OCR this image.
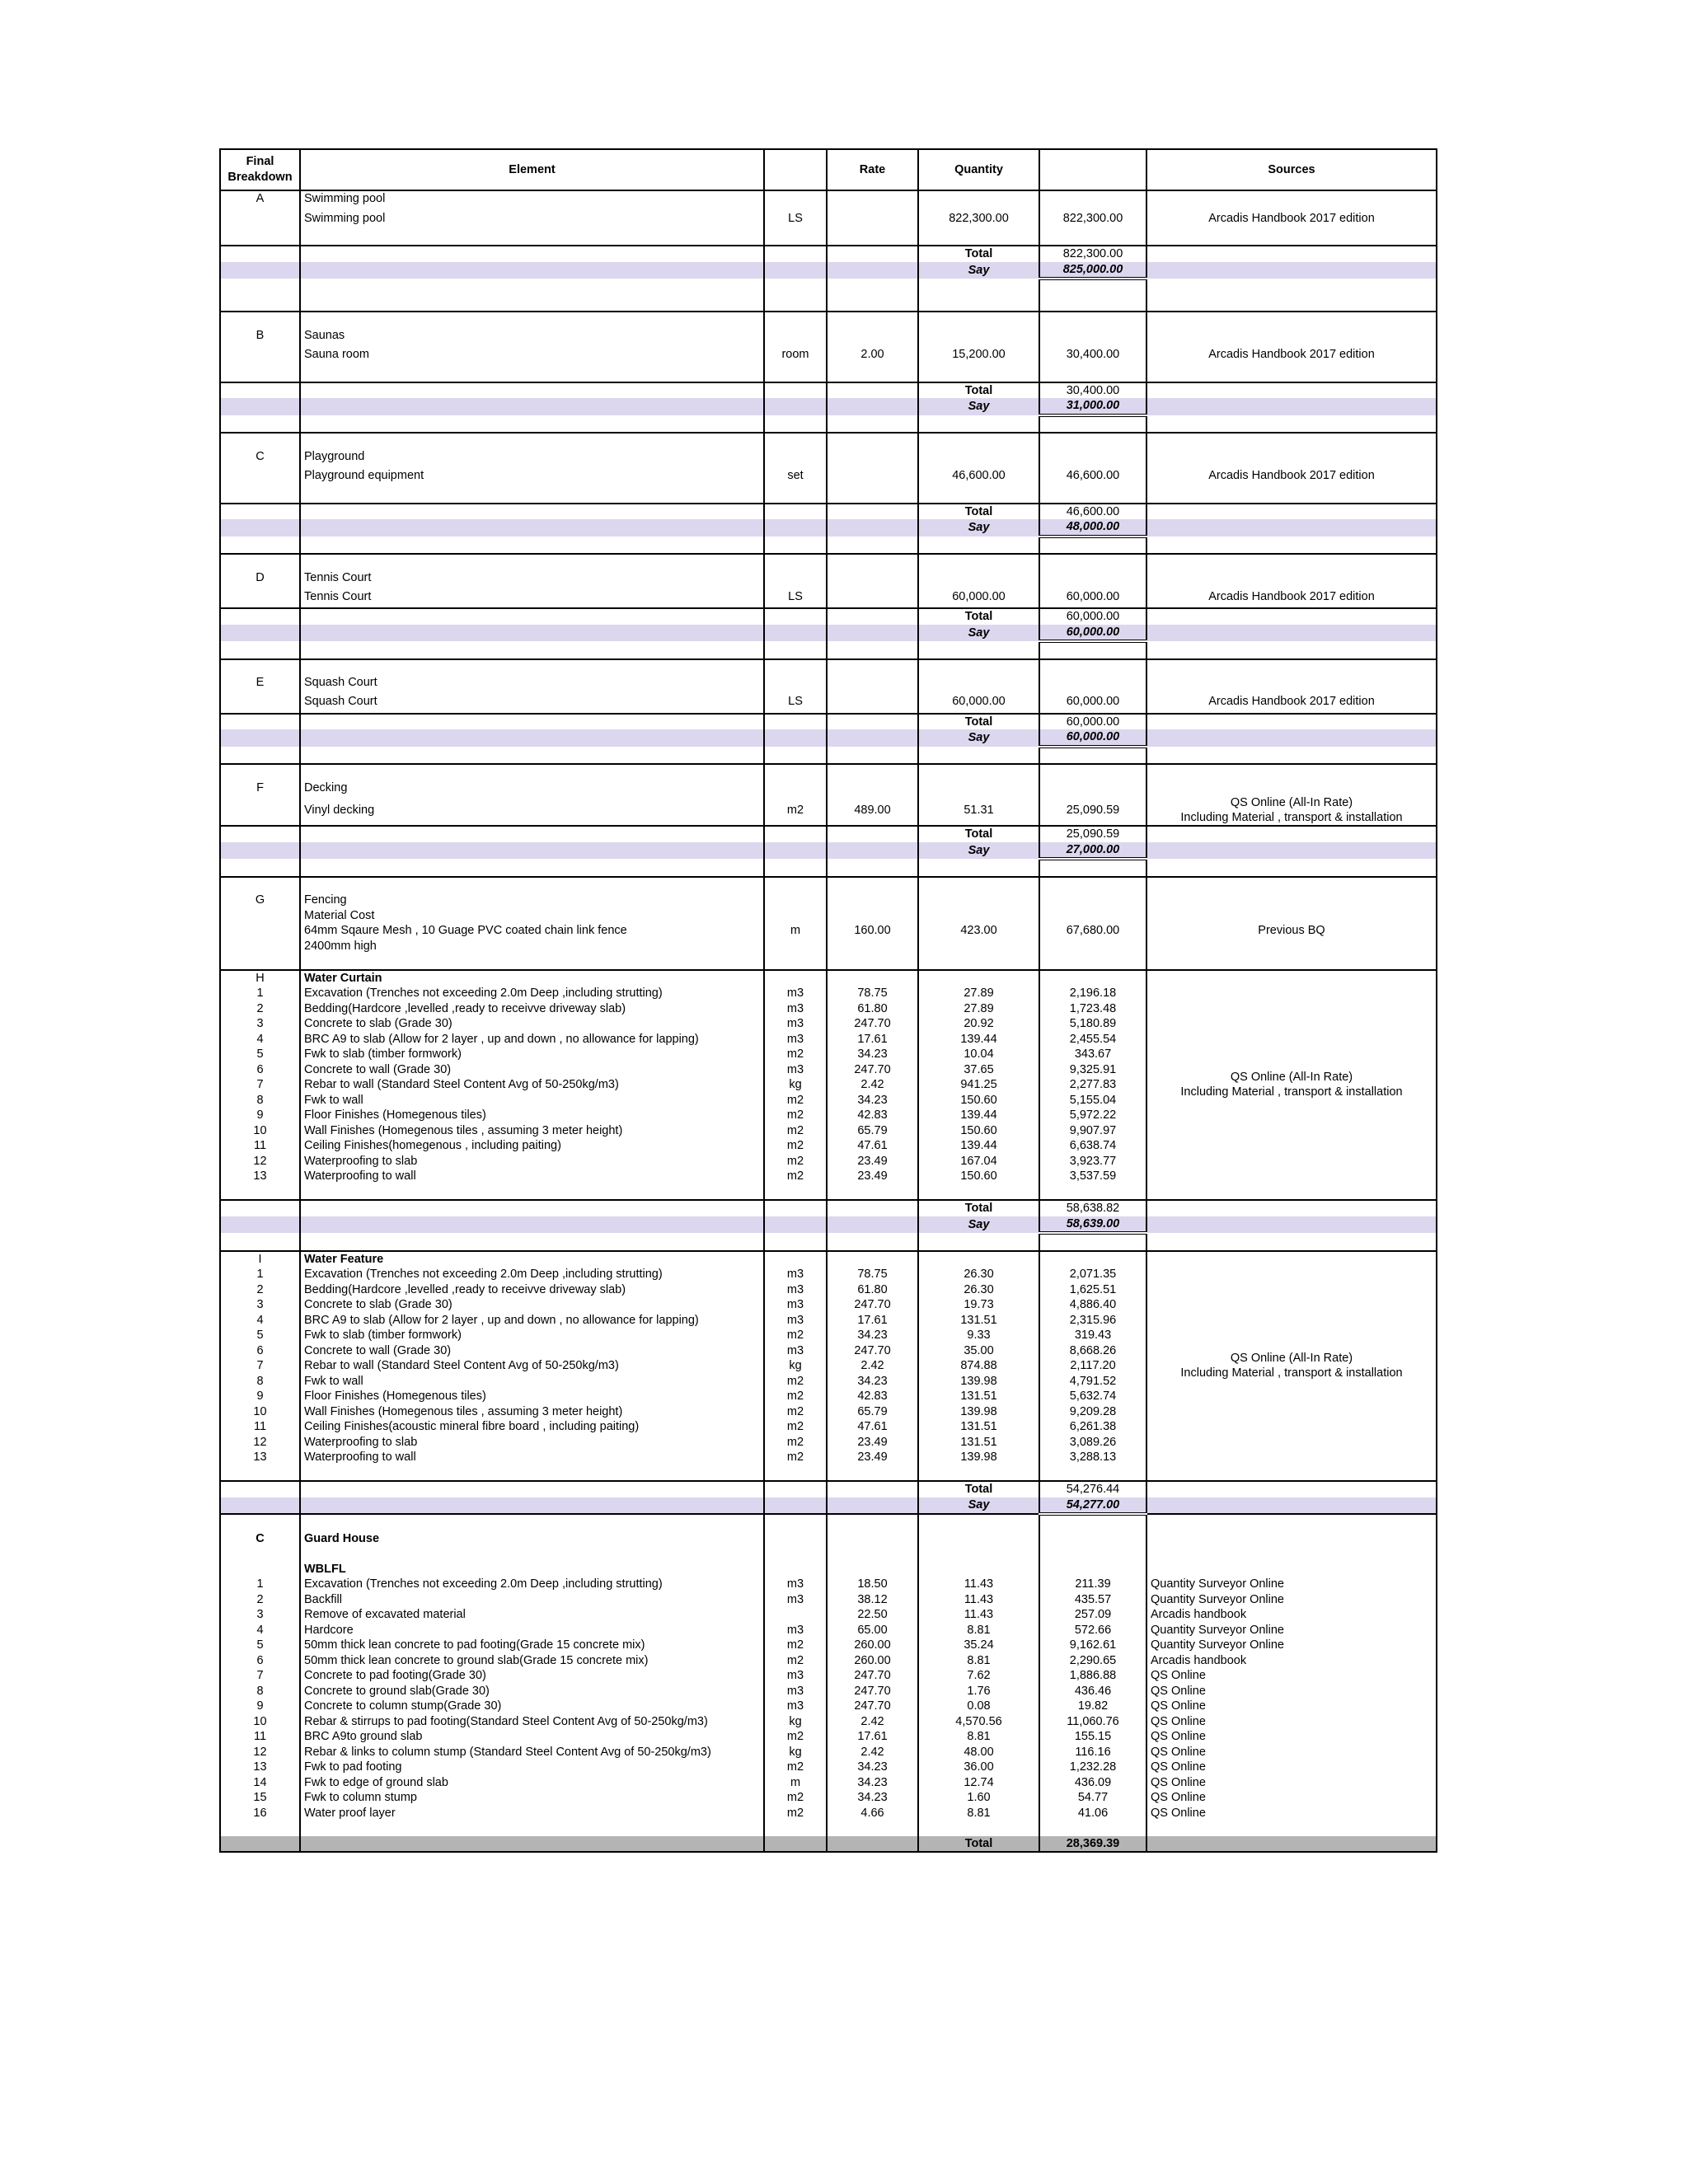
Final Breakdown	Element		Rate	Quantity		Sources
A	Swimming pool					
	Swimming pool	LS		822,300.00	822,300.00	Arcadis Handbook 2017 edition

				Total	822,300.00	
				Say	825,000.00	

B	Saunas					
	Sauna room	room	2.00	15,200.00	30,400.00	Arcadis Handbook 2017 edition

				Total	30,400.00	
				Say	31,000.00	

C	Playground					
	Playground equipment	set		46,600.00	46,600.00	Arcadis Handbook 2017 edition

				Total	46,600.00	
				Say	48,000.00	

D	Tennis Court					
	Tennis Court	LS		60,000.00	60,000.00	Arcadis Handbook 2017 edition
				Total	60,000.00	
				Say	60,000.00	

E	Squash Court					
	Squash Court	LS		60,000.00	60,000.00	Arcadis Handbook 2017 edition
				Total	60,000.00	
				Say	60,000.00	

F	Decking					
	Vinyl decking	m2	489.00	51.31	25,090.59	QS Online (All-In Rate)
Including Material , transport & installation

				Total	25,090.59	
				Say	27,000.00	

G	Fencing					
	Material Cost					
	64mm Sqaure Mesh , 10 Guage PVC coated chain link fence	m	160.00	423.00	67,680.00	Previous BQ
	2400mm high					

H	Water Curtain					
1	Excavation (Trenches not exceeding 2.0m Deep ,including strutting)	m3	78.75	27.89	2,196.18	
2	Bedding(Hardcore ,levelled ,ready to receivve driveway slab)	m3	61.80	27.89	1,723.48	
3	Concrete to slab (Grade 30)	m3	247.70	20.92	5,180.89	
4	BRC A9 to slab (Allow for 2 layer , up and down , no allowance for lapping)	m3	17.61	139.44	2,455.54	
5	Fwk to slab (timber formwork)	m2	34.23	10.04	343.67	
6	Concrete to wall (Grade 30)	m3	247.70	37.65	9,325.91	
7	Rebar to wall (Standard Steel Content Avg of 50-250kg/m3)	kg	2.42	941.25	2,277.83	QS Online (All-In Rate)
Including Material , transport & installation

8	Fwk to wall	m2	34.23	150.60	5,155.04	
9	Floor Finishes (Homegenous tiles)	m2	42.83	139.44	5,972.22	
10	Wall Finishes (Homegenous tiles , assuming 3 meter height)	m2	65.79	150.60	9,907.97	
11	Ceiling Finishes(homegenous , including paiting)	m2	47.61	139.44	6,638.74	
12	Waterproofing to slab	m2	23.49	167.04	3,923.77	
13	Waterproofing to wall	m2	23.49	150.60	3,537.59	

				Total	58,638.82	
				Say	58,639.00	

I	Water Feature					
1	Excavation (Trenches not exceeding 2.0m Deep ,including strutting)	m3	78.75	26.30	2,071.35	
2	Bedding(Hardcore ,levelled ,ready to receivve driveway slab)	m3	61.80	26.30	1,625.51	
3	Concrete to slab (Grade 30)	m3	247.70	19.73	4,886.40	
4	BRC A9 to slab (Allow for 2 layer , up and down , no allowance for lapping)	m3	17.61	131.51	2,315.96	
5	Fwk to slab (timber formwork)	m2	34.23	9.33	319.43	
6	Concrete to wall (Grade 30)	m3	247.70	35.00	8,668.26	
7	Rebar to wall (Standard Steel Content Avg of 50-250kg/m3)	kg	2.42	874.88	2,117.20	QS Online (All-In Rate)
Including Material , transport & installation

8	Fwk to wall	m2	34.23	139.98	4,791.52	
9	Floor Finishes (Homegenous tiles)	m2	42.83	131.51	5,632.74	
10	Wall Finishes (Homegenous tiles , assuming 3 meter height)	m2	65.79	139.98	9,209.28	
11	Ceiling Finishes(acoustic mineral fibre board , including paiting)	m2	47.61	131.51	6,261.38	
12	Waterproofing to slab	m2	23.49	131.51	3,089.26	
13	Waterproofing to wall	m2	23.49	139.98	3,288.13	

				Total	54,276.44	
				Say	54,277.00	

C	Guard House					

	WBLFL					
1	Excavation (Trenches not exceeding 2.0m Deep ,including strutting)	m3	18.50	11.43	211.39	Quantity Surveyor Online
2	Backfill	m3	38.12	11.43	435.57	Quantity Surveyor Online
3	Remove of excavated material		22.50	11.43	257.09	Arcadis handbook
4	Hardcore	m3	65.00	8.81	572.66	Quantity Surveyor Online
5	50mm thick lean concrete to pad footing(Grade 15 concrete mix)	m2	260.00	35.24	9,162.61	Quantity Surveyor Online
6	50mm thick lean concrete to ground slab(Grade 15 concrete mix)	m2	260.00	8.81	2,290.65	Arcadis handbook
7	Concrete to pad footing(Grade 30)	m3	247.70	7.62	1,886.88	QS Online
8	Concrete to ground slab(Grade 30)	m3	247.70	1.76	436.46	QS Online
9	Concrete to column stump(Grade 30)	m3	247.70	0.08	19.82	QS Online
10	Rebar & stirrups to pad footing(Standard Steel Content Avg of 50-250kg/m3)	kg	2.42	4,570.56	11,060.76	QS Online
11	BRC A9to ground slab	m2	17.61	8.81	155.15	QS Online
12	Rebar & links to column stump (Standard Steel Content Avg of 50-250kg/m3)	kg	2.42	48.00	116.16	QS Online
13	Fwk to pad footing	m2	34.23	36.00	1,232.28	QS Online
14	Fwk to edge of ground slab	m	34.23	12.74	436.09	QS Online
15	Fwk to column stump	m2	34.23	1.60	54.77	QS Online
16	Water proof layer	m2	4.66	8.81	41.06	QS Online

				Total	28,369.39	
